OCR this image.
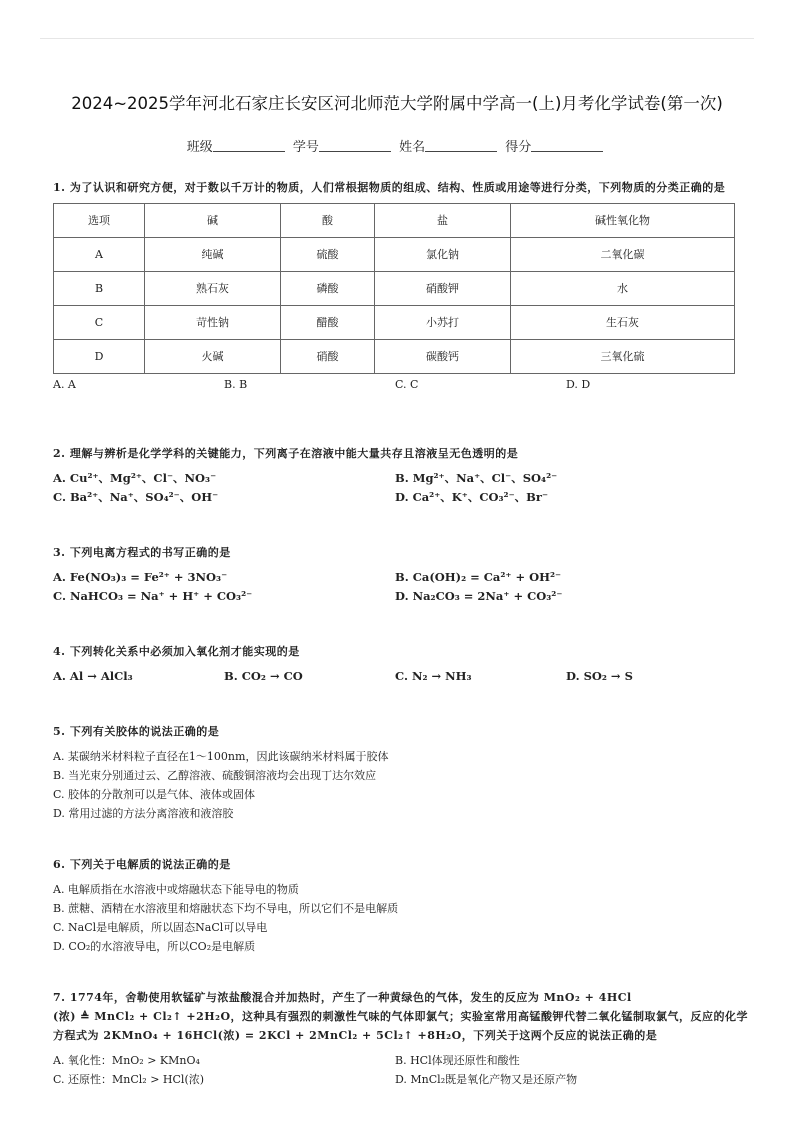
2024~2025学年河北石家庄长安区河北师范大学附属中学高一(上)月考化学试卷(第一次)
班级	学号	姓名	得分
1. 为了认识和研究方便，对于数以千万计的物质，人们常根据物质的组成、结构、性质或用途等进行分类，下列物质的分类正确的是
选项	碱	酸	盐	碱性氧化物
A	纯碱	硫酸	氯化钠	二氧化碳
B	熟石灰	磷酸	硝酸钾	水
C	苛性钠	醋酸	小苏打	生石灰
D	火碱	硝酸	碳酸钙	三氧化硫
A. A	B. B	C. C	D. D
2. 理解与辨析是化学学科的关键能力，下列离子在溶液中能大量共存且溶液呈无色透明的是
A. Cu²⁺、Mg²⁺、Cl⁻、NO₃⁻	B. Mg²⁺、Na⁺、Cl⁻、SO₄²⁻
C. Ba²⁺、Na⁺、SO₄²⁻、OH⁻	D. Ca²⁺、K⁺、CO₃²⁻、Br⁻
3. 下列电离方程式的书写正确的是
A. Fe(NO₃)₃ = Fe²⁺ + 3NO₃⁻	B. Ca(OH)₂ = Ca²⁺ + OH²⁻
C. NaHCO₃ = Na⁺ + H⁺ + CO₃²⁻	D. Na₂CO₃ = 2Na⁺ + CO₃²⁻
4. 下列转化关系中必须加入氧化剂才能实现的是
A. Al → AlCl₃	B. CO₂ → CO	C. N₂ → NH₃	D. SO₂ → S
5. 下列有关胶体的说法正确的是
A. 某碳纳米材料粒子直径在1～100nm，因此该碳纳米材料属于胶体
B. 当光束分别通过云、乙醇溶液、硫酸铜溶液均会出现丁达尔效应
C. 胶体的分散剂可以是气体、液体或固体
D. 常用过滤的方法分离溶液和液溶胶
6. 下列关于电解质的说法正确的是
A. 电解质指在水溶液中或熔融状态下能导电的物质
B. 蔗糖、酒精在水溶液里和熔融状态下均不导电，所以它们不是电解质
C. NaCl是电解质，所以固态NaCl可以导电
D. CO₂的水溶液导电，所以CO₂是电解质
7. 1774年，舍勒使用软锰矿与浓盐酸混合并加热时，产生了一种黄绿色的气体，发生的反应为 MnO₂ + 4HCl
(浓) ≜ MnCl₂ + Cl₂↑ +2H₂O，这种具有强烈的刺激性气味的气体即氯气；实验室常用高锰酸钾代替二氧化锰制取氯气，反应的化学方程式为 2KMnO₄ + 16HCl(浓) = 2KCl + 2MnCl₂ + 5Cl₂↑ +8H₂O，下列关于这两个反应的说法正确的是
A. 氧化性：MnO₂ > KMnO₄	B. HCl体现还原性和酸性
C. 还原性：MnCl₂ > HCl(浓)	D. MnCl₂既是氧化产物又是还原产物
